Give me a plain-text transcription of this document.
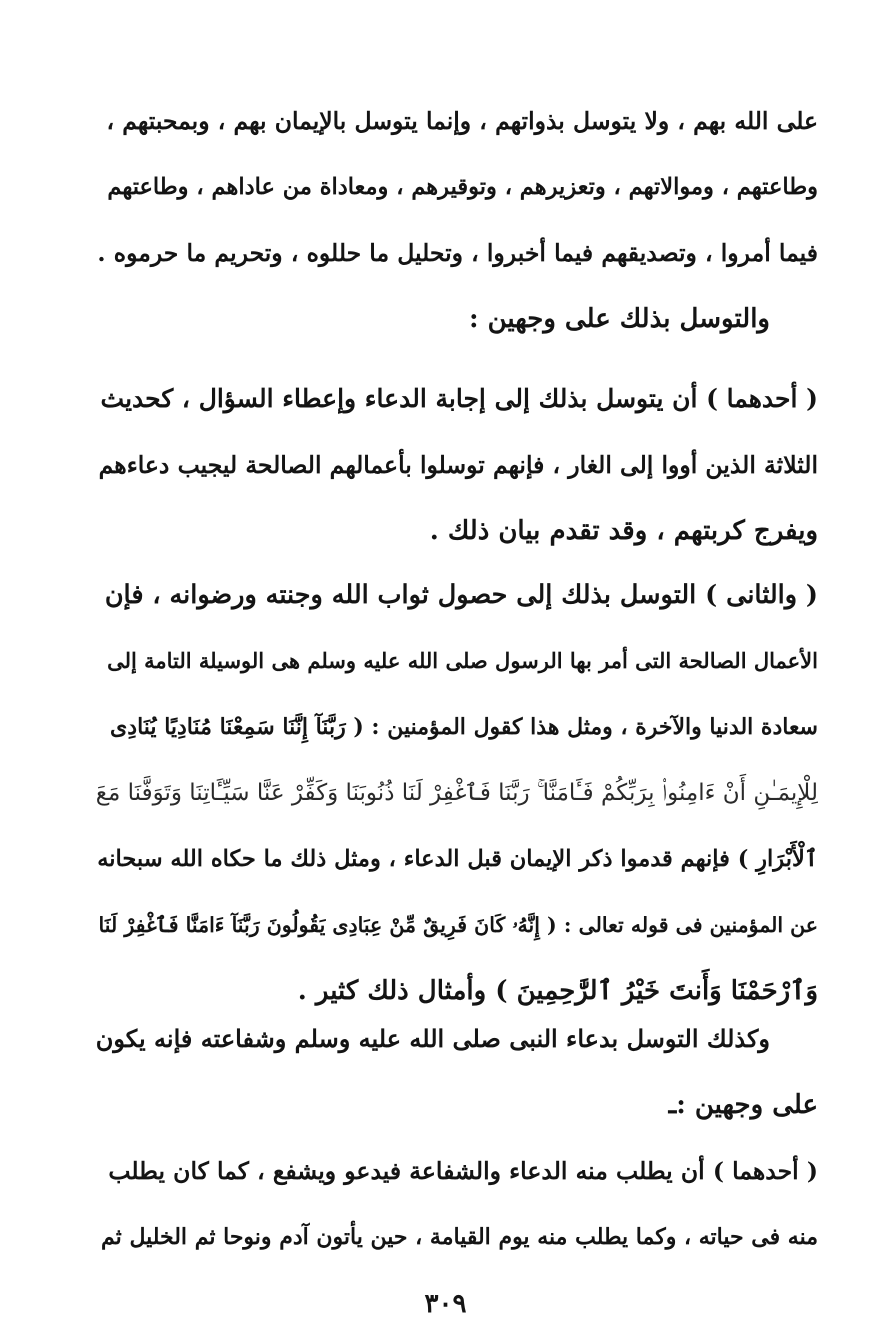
على الله بهم ، ولا يتوسل بذواتهم ، وإنما يتوسل بالإيمان بهم ، وبمحبتهم ،
وطاعتهم ، وموالاتهم ، وتعزيرهم ، وتوقيرهم ، ومعاداة من عاداهم ، وطاعتهم
فيما أمروا ، وتصديقهم فيما أخبروا ، وتحليل ما حللوه ، وتحريم ما حرموه .
والتوسل بذلك على وجهين :
( أحدهما ) أن يتوسل بذلك إلى إجابة الدعاء وإعطاء السؤال ، كحديث
الثلاثة الذين أووا إلى الغار ، فإنهم توسلوا بأعمالهم الصالحة ليجيب دعاءهم
ويفرج كربتهم ، وقد تقدم بيان ذلك .
( والثانى ) التوسل بذلك إلى حصول ثواب الله وجنته ورضوانه ، فإن
الأعمال الصالحة التى أمر بها الرسول صلى الله عليه وسلم هى الوسيلة التامة إلى
سعادة الدنيا والآخرة ، ومثل هذا كقول المؤمنين : ( رَبَّنَآ إِنَّنَا سَمِعْنَا مُنَادِيًا يُنَادِى
لِلْإِيمَـٰنِ أَنْ ءَامِنُوا۟ بِرَبِّكُمْ فَـَٔامَنَّا ۚ رَبَّنَا فَٱغْفِرْ لَنَا ذُنُوبَنَا وَكَفِّرْ عَنَّا سَيِّـَٔاتِنَا وَتَوَفَّنَا مَعَ
ٱلْأَبْرَارِ ) فإنهم قدموا ذكر الإيمان قبل الدعاء ، ومثل ذلك ما حكاه الله سبحانه
عن المؤمنين فى قوله تعالى : ( إِنَّهُۥ كَانَ فَرِيقٌ مِّنْ عِبَادِى يَقُولُونَ رَبَّنَآ ءَامَنَّا فَٱغْفِرْ لَنَا
وَٱرْحَمْنَا وَأَنتَ خَيْرُ ٱلرَّٰحِمِينَ ) وأمثال ذلك كثير .
وكذلك التوسل بدعاء النبى صلى الله عليه وسلم وشفاعته فإنه يكون
على وجهين :ـ
( أحدهما ) أن يطلب منه الدعاء والشفاعة فيدعو ويشفع ، كما كان يطلب
منه فى حياته ، وكما يطلب منه يوم القيامة ، حين يأتون آدم ونوحا ثم الخليل ثم
٣٠٩
